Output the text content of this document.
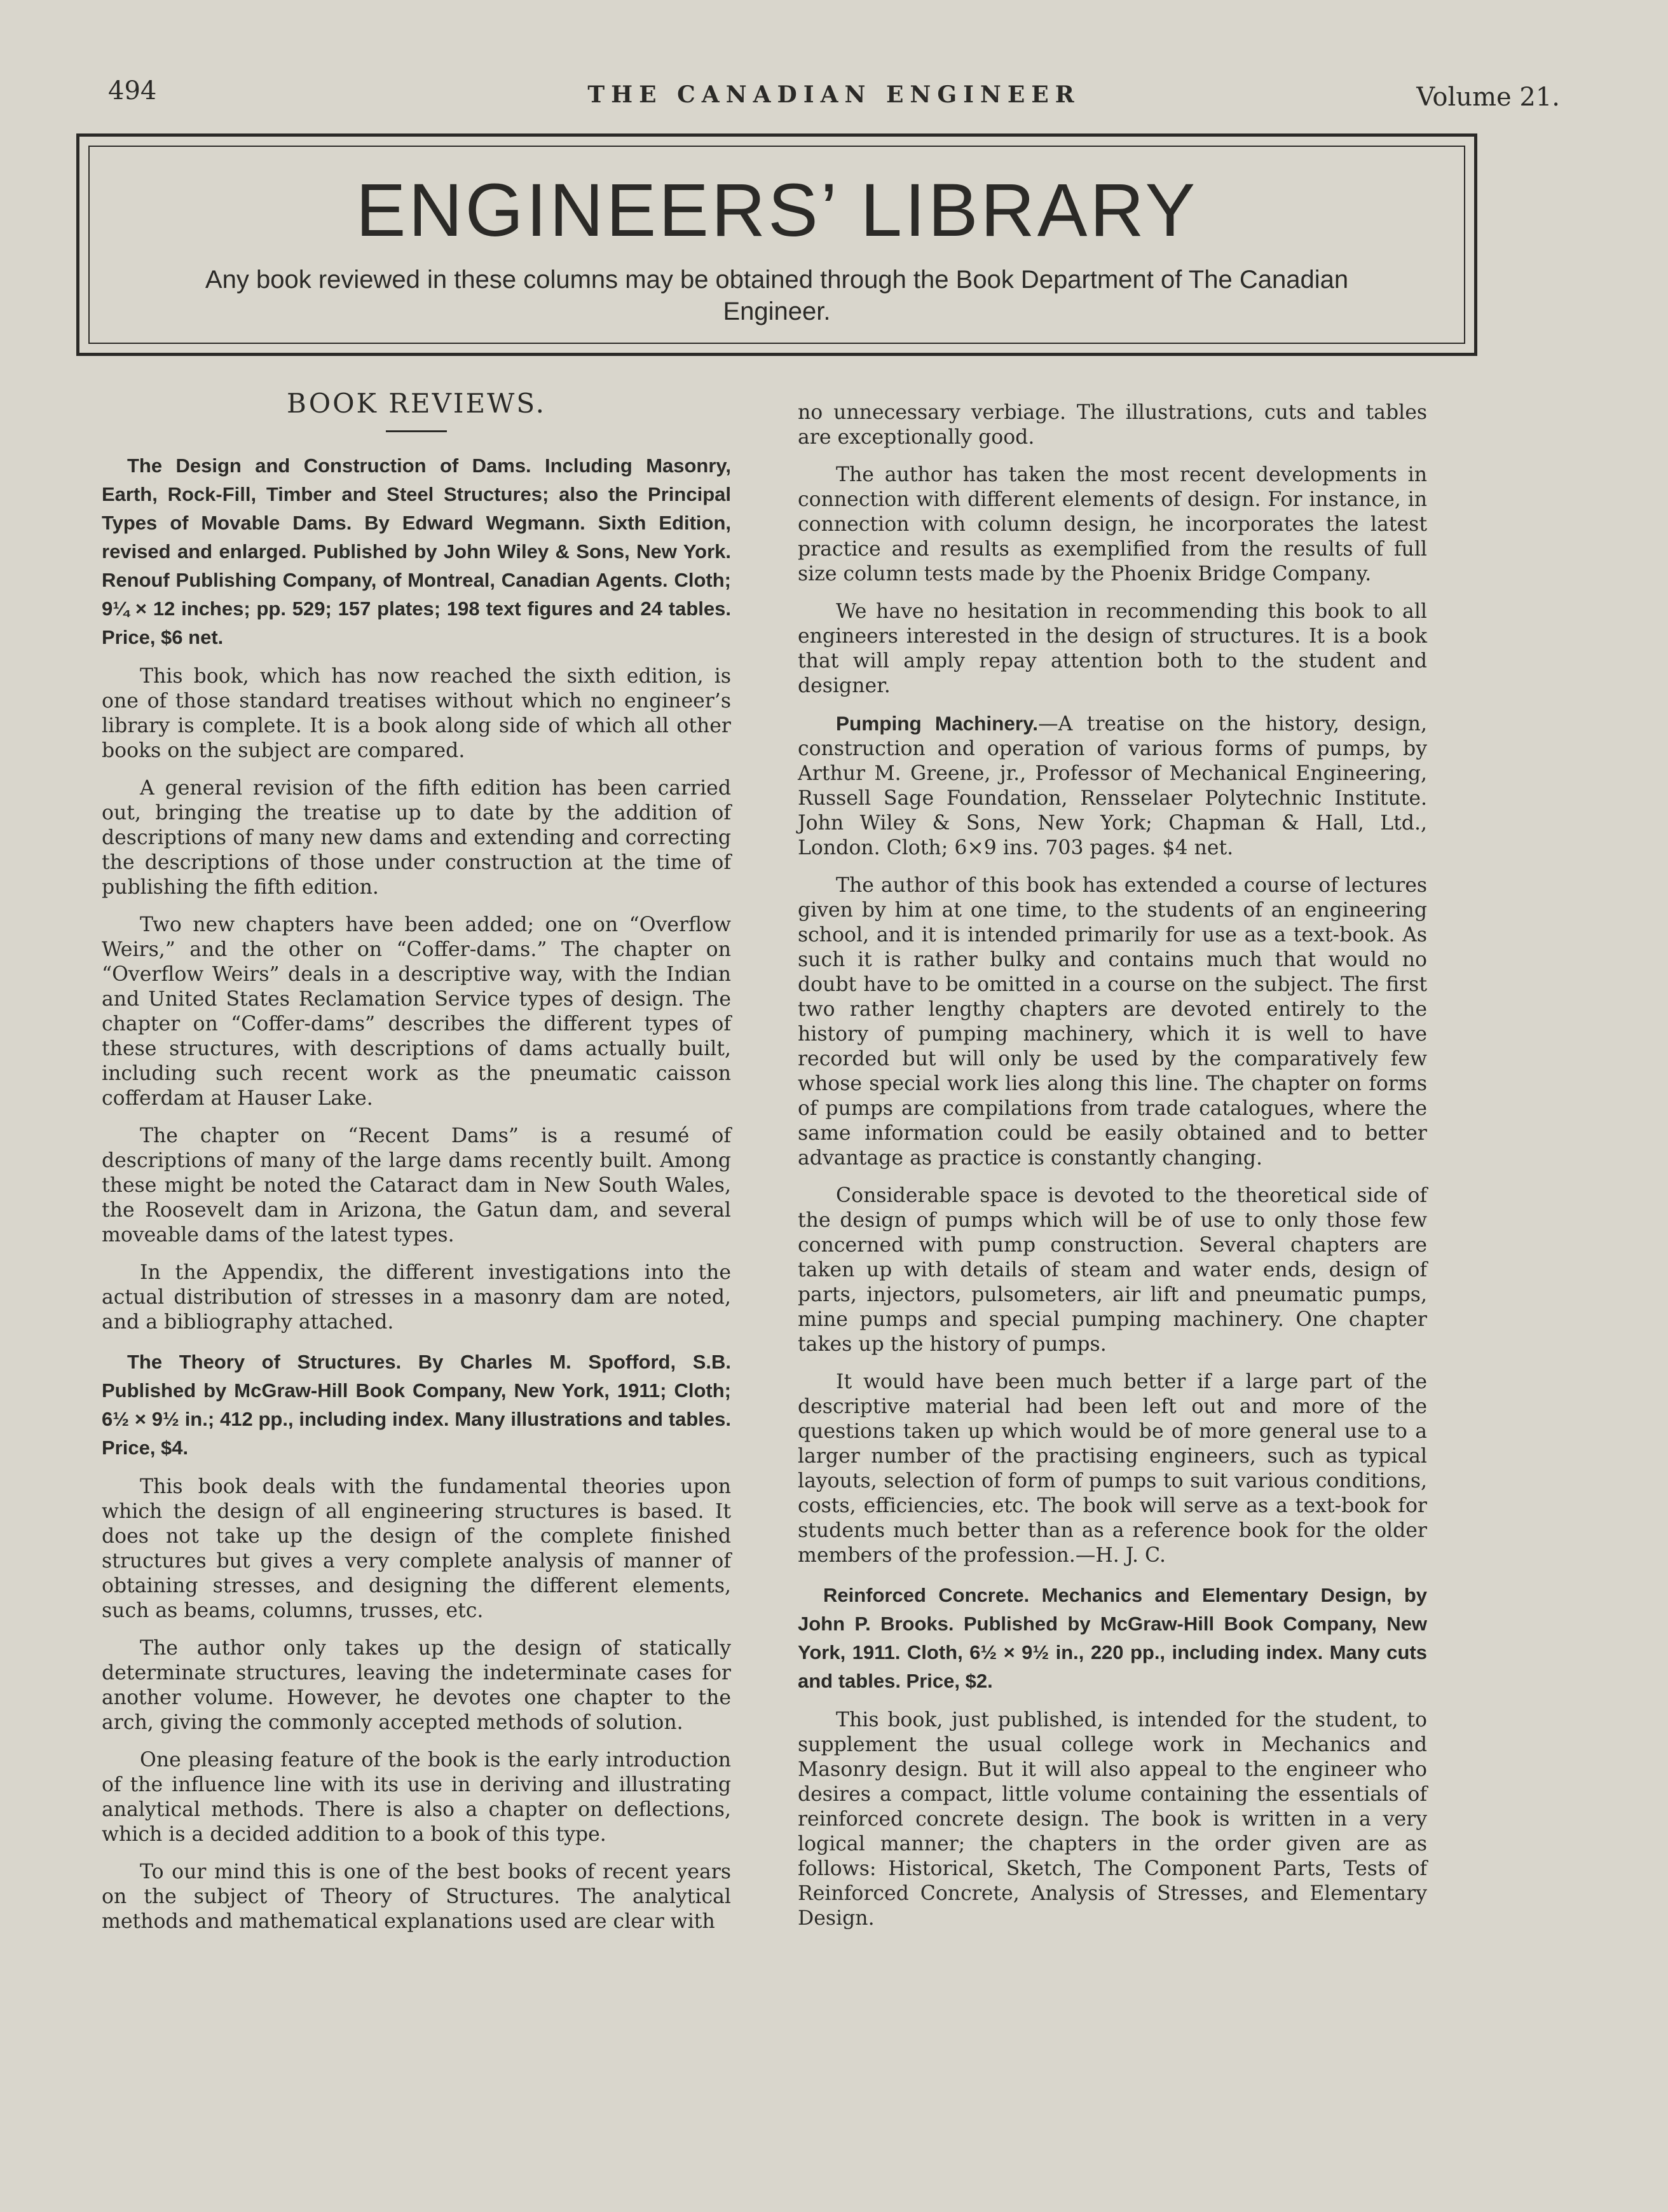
494	THE CANADIAN ENGINEER	Volume 21.
ENGINEERS’ LIBRARY
Any book reviewed in these columns may be obtained through the Book Department of The Canadian Engineer.
BOOK REVIEWS.
The Design and Construction of Dams. Including Masonry, Earth, Rock-Fill, Timber and Steel Structures; also the Principal Types of Movable Dams. By Edward Wegmann. Sixth Edition, revised and enlarged. Published by John Wiley & Sons, New York. Renouf Publishing Company, of Montreal, Canadian Agents. Cloth; 9¼ × 12 inches; pp. 529; 157 plates; 198 text figures and 24 tables. Price, $6 net.

This book, which has now reached the sixth edition, is one of those standard treatises without which no engineer’s library is complete. It is a book along side of which all other books on the subject are compared.

A general revision of the fifth edition has been carried out, bringing the treatise up to date by the addition of descriptions of many new dams and extending and correcting the descriptions of those under construction at the time of publishing the fifth edition.

Two new chapters have been added; one on “Overflow Weirs,” and the other on “Coffer-dams.” The chapter on “Overflow Weirs” deals in a descriptive way, with the Indian and United States Reclamation Service types of design. The chapter on “Coffer-dams” describes the different types of these structures, with descriptions of dams actually built, including such recent work as the pneumatic caisson cofferdam at Hauser Lake.

The chapter on “Recent Dams” is a resumé of descriptions of many of the large dams recently built. Among these might be noted the Cataract dam in New South Wales, the Roosevelt dam in Arizona, the Gatun dam, and several moveable dams of the latest types.

In the Appendix, the different investigations into the actual distribution of stresses in a masonry dam are noted, and a bibliography attached.

The Theory of Structures. By Charles M. Spofford, S.B. Published by McGraw-Hill Book Company, New York, 1911; Cloth; 6½ × 9½ in.; 412 pp., including index. Many illustrations and tables. Price, $4.

This book deals with the fundamental theories upon which the design of all engineering structures is based. It does not take up the design of the complete finished structures but gives a very complete analysis of manner of obtaining stresses, and designing the different elements, such as beams, columns, trusses, etc.

The author only takes up the design of statically determinate structures, leaving the indeterminate cases for another volume. However, he devotes one chapter to the arch, giving the commonly accepted methods of solution.

One pleasing feature of the book is the early introduction of the influence line with its use in deriving and illustrating analytical methods. There is also a chapter on deflections, which is a decided addition to a book of this type.

To our mind this is one of the best books of recent years on the subject of Theory of Structures. The analytical methods and mathematical explanations used are clear with

no unnecessary verbiage. The illustrations, cuts and tables are exceptionally good.

The author has taken the most recent developments in connection with different elements of design. For instance, in connection with column design, he incorporates the latest practice and results as exemplified from the results of full size column tests made by the Phoenix Bridge Company.

We have no hesitation in recommending this book to all engineers interested in the design of structures. It is a book that will amply repay attention both to the student and designer.

Pumping Machinery.—A treatise on the history, design, construction and operation of various forms of pumps, by Arthur M. Greene, jr., Professor of Mechanical Engineering, Russell Sage Foundation, Rensselaer Polytechnic Institute. John Wiley & Sons, New York; Chapman & Hall, Ltd., London. Cloth; 6×9 ins. 703 pages. $4 net.

The author of this book has extended a course of lectures given by him at one time, to the students of an engineering school, and it is intended primarily for use as a text-book. As such it is rather bulky and contains much that would no doubt have to be omitted in a course on the subject. The first two rather lengthy chapters are devoted entirely to the history of pumping machinery, which it is well to have recorded but will only be used by the comparatively few whose special work lies along this line. The chapter on forms of pumps are compilations from trade catalogues, where the same information could be easily obtained and to better advantage as practice is constantly changing.

Considerable space is devoted to the theoretical side of the design of pumps which will be of use to only those few concerned with pump construction. Several chapters are taken up with details of steam and water ends, design of parts, injectors, pulsometers, air lift and pneumatic pumps, mine pumps and special pumping machinery. One chapter takes up the history of pumps.

It would have been much better if a large part of the descriptive material had been left out and more of the questions taken up which would be of more general use to a larger number of the practising engineers, such as typical layouts, selection of form of pumps to suit various conditions, costs, efficiencies, etc. The book will serve as a text-book for students much better than as a reference book for the older members of the profession.—H. J. C.

Reinforced Concrete. Mechanics and Elementary Design, by John P. Brooks. Published by McGraw-Hill Book Company, New York, 1911. Cloth, 6½ × 9½ in., 220 pp., including index. Many cuts and tables. Price, $2.

This book, just published, is intended for the student, to supplement the usual college work in Mechanics and Masonry design. But it will also appeal to the engineer who desires a compact, little volume containing the essentials of reinforced concrete design. The book is written in a very logical manner; the chapters in the order given are as follows: Historical, Sketch, The Component Parts, Tests of Reinforced Concrete, Analysis of Stresses, and Elementary Design.
